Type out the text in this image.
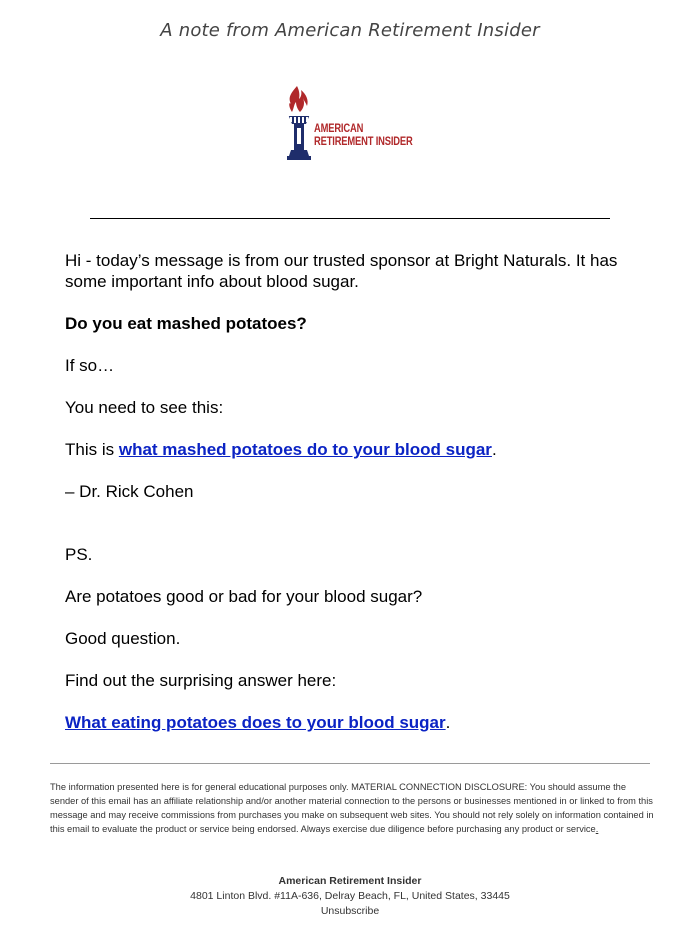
A note from American Retirement Insider
AMERICAN
RETIREMENT INSIDER

Hi - today’s message is from our trusted sponsor at Bright Naturals. It has some important info about blood sugar.

Do you eat mashed potatoes?

If so…

You need to see this:

This is what mashed potatoes do to your blood sugar.

– Dr. Rick Cohen

PS.

Are potatoes good or bad for your blood sugar?

Good question.

Find out the surprising answer here:

What eating potatoes does to your blood sugar.

The information presented here is for general educational purposes only. MATERIAL CONNECTION DISCLOSURE: You should assume the sender of this email has an affiliate relationship and/or another material connection to the persons or businesses mentioned in or linked to from this message and may receive commissions from purchases you make on subsequent web sites. You should not rely solely on information contained in this email to evaluate the product or service being endorsed. Always exercise due diligence before purchasing any product or service.
American Retirement Insider
4801 Linton Blvd. #11A-636, Delray Beach, FL, United States, 33445
Unsubscribe
